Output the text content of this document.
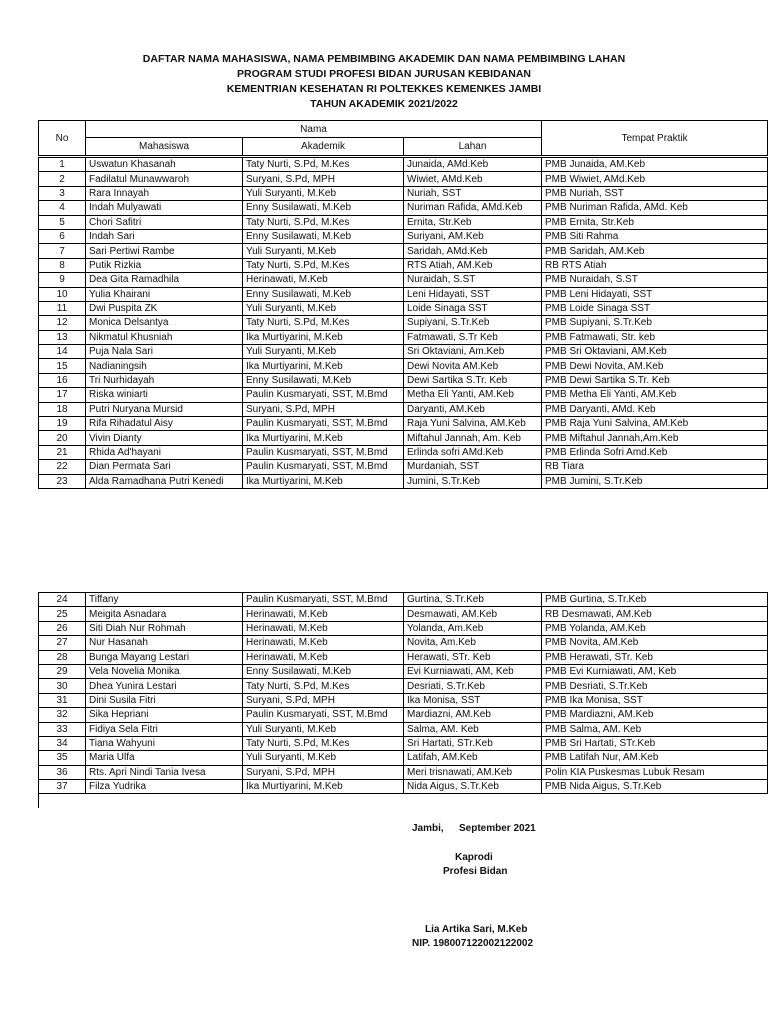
DAFTAR NAMA MAHASISWA, NAMA PEMBIMBING AKADEMIK DAN NAMA PEMBIMBING LAHAN
PROGRAM STUDI PROFESI BIDAN JURUSAN KEBIDANAN
KEMENTRIAN KESEHATAN RI POLTEKKES KEMENKES JAMBI
TAHUN AKADEMIK 2021/2022
No	Nama			Tempat Praktik
	Mahasiswa	Akademik	Lahan	
1	Uswatun Khasanah	Taty Nurti, S.Pd, M.Kes	Junaida, AMd.Keb	PMB Junaida, AM.Keb
2	Fadilatul Munawwaroh	Suryani, S.Pd, MPH	Wiwiet, AMd.Keb	PMB Wiwiet, AMd.Keb
3	Rara Innayah	Yuli Suryanti, M.Keb	Nuriah, SST	PMB Nuriah, SST
4	Indah Mulyawati	Enny Susilawati, M.Keb	Nuriman Rafida, AMd.Keb	PMB Nuriman Rafida, AMd. Keb
5	Chori Safitri	Taty Nurti, S.Pd, M.Kes	Ernita, Str.Keb	PMB Ernita, Str.Keb
6	Indah Sari	Enny Susilawati, M.Keb	Suriyani, AM.Keb	PMB Siti Rahma
7	Sari Pertiwi Rambe	Yuli Suryanti, M.Keb	Saridah, AMd.Keb	PMB Saridah, AM.Keb
8	Putik Rizkia	Taty Nurti, S.Pd, M.Kes	RTS Atiah, AM.Keb	RB RTS Atiah
9	Dea Gita Ramadhila	Herinawati, M.Keb	Nuraidah, S.ST	PMB Nuraidah, S.ST
10	Yulia Khairani	Enny Susilawati, M.Keb	Leni Hidayati, SST	PMB Leni Hidayati, SST
11	Dwi Puspita ZK	Yuli Suryanti, M.Keb	Loide Sinaga SST	PMB Loide Sinaga SST
12	Monica Delsantya	Taty Nurti, S.Pd, M.Kes	Supiyani, S.Tr.Keb	PMB Supiyani, S.Tr.Keb
13	Nikmatul Khusniah	Ika Murtiyarini, M.Keb	Fatmawati, S.Tr Keb	PMB Fatmawati, Str. keb
14	Puja Nala Sari	Yuli Suryanti, M.Keb	Sri Oktaviani, Am.Keb	PMB Sri Oktaviani, AM.Keb
15	Nadianingsih	Ika Murtiyarini, M.Keb	Dewi Novita AM.Keb	PMB Dewi Novita, AM.Keb
16	Tri Nurhidayah	Enny Susilawati, M.Keb	Dewi Sartika S.Tr. Keb	PMB Dewi Sartika S.Tr. Keb
17	Riska winiarti	Paulin Kusmaryati, SST, M.Bmd	Metha Eli Yanti, AM.Keb	PMB Metha Eli Yanti, AM.Keb
18	Putri Nuryana Mursid	Suryani, S.Pd, MPH	Daryanti, AM.Keb	PMB Daryanti, AMd. Keb
19	Rifa Rihadatul Aisy	Paulin Kusmaryati, SST, M.Bmd	Raja Yuni Salvina, AM.Keb	PMB Raja Yuni Salvina, AM.Keb
20	Vivin Dianty	Ika Murtiyarini, M.Keb	Miftahul Jannah, Am. Keb	PMB Miftahul Jannah,Am.Keb
21	Rhida Ad'hayani	Paulin Kusmaryati, SST, M.Bmd	Erlinda sofri AMd.Keb	PMB Erlinda Sofri Amd.Keb
22	Dian Permata Sari	Paulin Kusmaryati, SST, M.Bmd	Murdaniah, SST	RB Tiara
23	Alda Ramadhana Putri Kenedi	Ika Murtiyarini, M.Keb	Jumini, S.Tr.Keb	PMB Jumini, S.Tr.Keb
24	Tiffany	Paulin Kusmaryati, SST, M.Bmd	Gurtina, S.Tr.Keb	PMB Gurtina, S.Tr.Keb
25	Meigita Asnadara	Herinawati, M.Keb	Desmawati, AM.Keb	RB Desmawati, AM.Keb
26	Siti Diah Nur Rohmah	Herinawati, M.Keb	Yolanda, Am.Keb	PMB Yolanda, AM.Keb
27	Nur Hasanah	Herinawati, M.Keb	Novita, Am.Keb	PMB Novita, AM.Keb
28	Bunga Mayang Lestari	Herinawati, M.Keb	Herawati, STr. Keb	PMB Herawati, STr. Keb
29	Vela Novelia Monika	Enny Susilawati, M.Keb	Evi Kurniawati, AM, Keb	PMB Evi Kurniawati, AM, Keb
30	Dhea Yunira Lestari	Taty Nurti, S.Pd, M.Kes	Desriati, S.Tr.Keb	PMB Desriati, S.Tr.Keb
31	Dini Susila Fitri	Suryani, S.Pd, MPH	Ika Monisa, SST	PMB Ika Monisa, SST
32	Sika Hepriani	Paulin Kusmaryati, SST, M.Bmd	Mardiazni, AM.Keb	PMB Mardiazni, AM.Keb
33	Fidiya Sela Fitri	Yuli Suryanti, M.Keb	Salma, AM. Keb	PMB Salma, AM. Keb
34	Tiana Wahyuni	Taty Nurti, S.Pd, M.Kes	Sri Hartati, STr.Keb	PMB Sri Hartati, STr.Keb
35	Maria Ulfa	Yuli Suryanti, M.Keb	Latifah, AM.Keb	PMB Latifah Nur, AM.Keb
36	Rts. Apri Nindi Tania Ivesa	Suryani, S.Pd, MPH	Meri trisnawati, AM.Keb	Polin KIA Puskesmas Lubuk Resam
37	Filza Yudrika	Ika Murtiyarini, M.Keb	Nida Aigus, S.Tr.Keb	PMB Nida Aigus, S.Tr.Keb
Jambi, September 2021
Kaprodi
Profesi Bidan
Lia Artika Sari, M.Keb
NIP. 198007122002122002
